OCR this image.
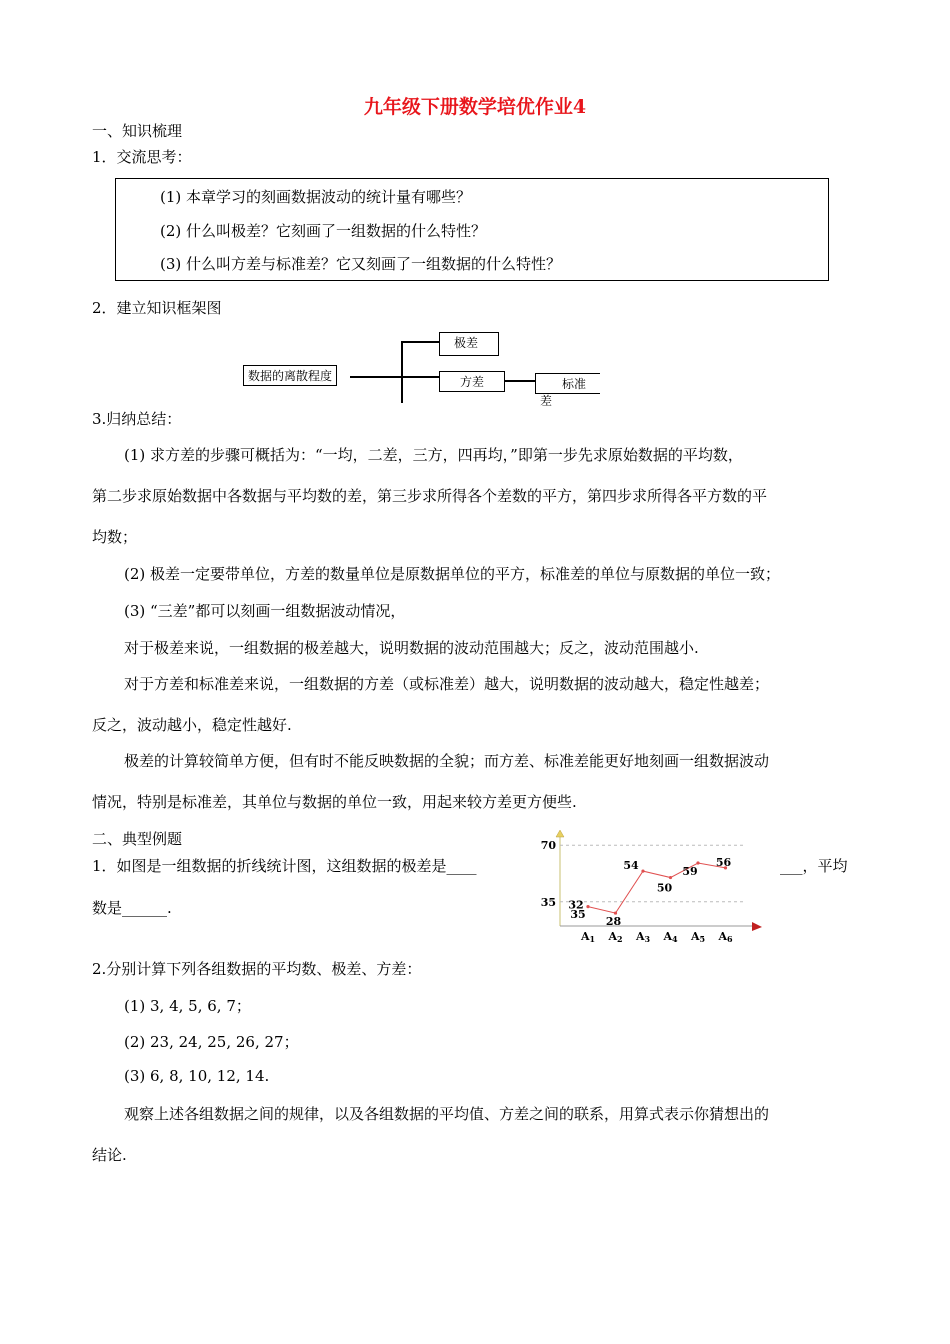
九年级下册数学培优作业4
一、知识梳理
1．交流思考：
(1) 本章学习的刻画数据波动的统计量有哪些？
(2) 什么叫极差？它刻画了一组数据的什么特性？
(3) 什么叫方差与标准差？它又刻画了一组数据的什么特性？
2．建立知识框架图
数据的离散程度
极差
方差	标准差
3.归纳总结：
(1) 求方差的步骤可概括为：“一均，二差，三方，四再均，”即第一步先求原始数据的平均数，
第二步求原始数据中各数据与平均数的差，第三步求所得各个差数的平方，第四步求所得各平方数的平
均数；
(2) 极差一定要带单位，方差的数量单位是原数据单位的平方，标准差的单位与原数据的单位一致；
(3) “三差”都可以刻画一组数据波动情况，
对于极差来说，一组数据的极差越大，说明数据的波动范围越大；反之，波动范围越小.
对于方差和标准差来说，一组数据的方差（或标准差）越大，说明数据的波动越大，稳定性越差；
反之，波动越小，稳定性越好.
极差的计算较简单方便，但有时不能反映数据的全貌；而方差、标准差能更好地刻画一组数据波动
情况，特别是标准差，其单位与数据的单位一致，用起来较方差更方便些.
二、典型例题
1．如图是一组数据的折线统计图，这组数据的极差是____	___，平均
数是______.
70
35
35
32
28
54
50
59
56
A1 A2 A3 A4 A5 A6
2.分别计算下列各组数据的平均数、极差、方差：
(1) 3, 4, 5, 6, 7；
(2) 23, 24, 25, 26, 27；
(3) 6, 8, 10, 12, 14.
观察上述各组数据之间的规律，以及各组数据的平均值、方差之间的联系，用算式表示你猜想出的
结论.
